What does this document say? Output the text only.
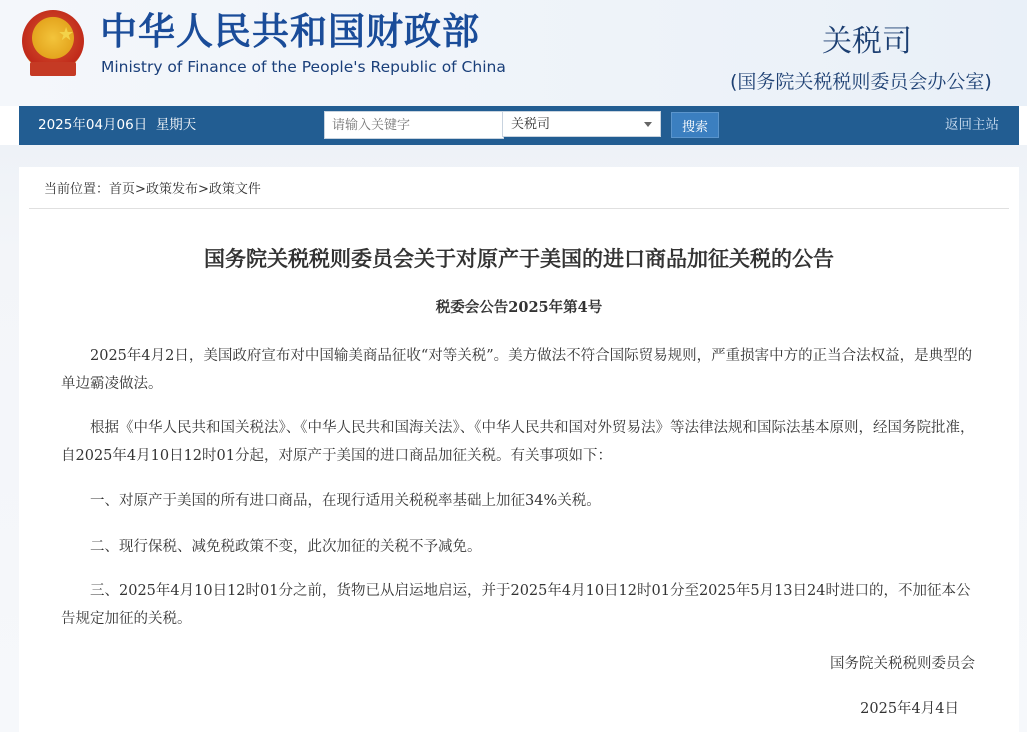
★ 中华人民共和国财政部
Ministry of Finance of the People's Republic of China
关税司
(国务院关税税则委员会办公室)
2025年04月06日 星期天
请输入关键字	关税司	搜索	返回主站
当前位置：首页>政策发布>政策文件
国务院关税税则委员会关于对原产于美国的进口商品加征关税的公告
税委会公告2025年第4号

2025年4月2日，美国政府宣布对中国输美商品征收“对等关税”。美方做法不符合国际贸易规则，严重损害中方的正当合法权益，是典型的单边霸凌做法。

根据《中华人民共和国关税法》、《中华人民共和国海关法》、《中华人民共和国对外贸易法》等法律法规和国际法基本原则，经国务院批准，自2025年4月10日12时01分起，对原产于美国的进口商品加征关税。有关事项如下：

一、对原产于美国的所有进口商品，在现行适用关税税率基础上加征34%关税。

二、现行保税、减免税政策不变，此次加征的关税不予减免。

三、2025年4月10日12时01分之前，货物已从启运地启运，并于2025年4月10日12时01分至2025年5月13日24时进口的，不加征本公告规定加征的关税。

国务院关税税则委员会
2025年4月4日
